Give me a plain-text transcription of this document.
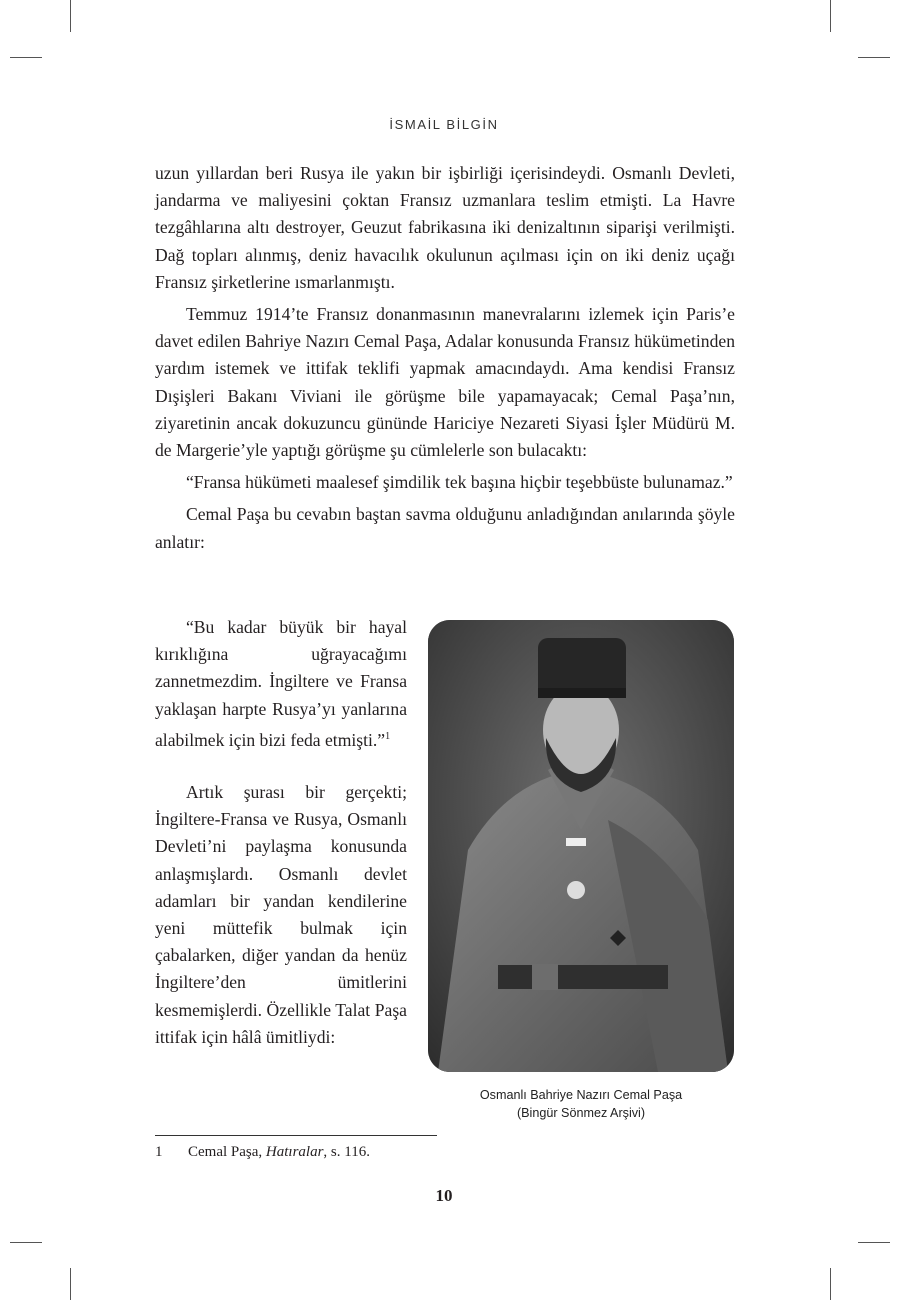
İSMAİL BİLGİN

uzun yıllardan beri Rusya ile yakın bir işbirliği içerisindeydi. Osmanlı Devleti, jandarma ve maliyesini çoktan Fransız uzmanlara teslim etmişti. La Havre tezgâhlarına altı destroyer, Geuzut fabrikasına iki denizaltının siparişi verilmişti. Dağ topları alınmış, deniz havacılık okulunun açılması için on iki deniz uçağı Fransız şirketlerine ısmarlanmıştı.

Temmuz 1914’te Fransız donanmasının manevralarını izlemek için Paris’e davet edilen Bahriye Nazırı Cemal Paşa, Adalar konusunda Fransız hükümetinden yardım istemek ve ittifak teklifi yapmak amacındaydı. Ama kendisi Fransız Dışişleri Bakanı Viviani ile görüşme bile yapamayacak; Cemal Paşa’nın, ziyaretinin ancak dokuzuncu gününde Hariciye Nezareti Siyasi İşler Müdürü M. de Margerie’yle yaptığı görüşme şu cümlelerle son bulacaktı:

“Fransa hükümeti maalesef şimdilik tek başına hiçbir teşebbüste bulunamaz.”

Cemal Paşa bu cevabın baştan savma olduğunu anladığından anılarında şöyle anlatır:

“Bu kadar büyük bir hayal kırıklığına uğrayacağımı zannetmezdim. İngiltere ve Fransa yaklaşan harpte Rusya’yı yanlarına alabilmek için bizi feda etmişti.”$^1$

Artık şurası bir gerçekti; İngiltere-Fransa ve Rusya, Osmanlı Devleti’ni paylaşma konusunda anlaşmışlardı. Osmanlı devlet adamları bir yandan kendilerine yeni müttefik bulmak için çabalarken, diğer yandan da henüz İngiltere’den ümitlerini kesmemişlerdi. Özellikle Talat Paşa ittifak için hâlâ ümitliydi:

Osmanlı Bahriye Nazırı Cemal Paşa
(Bingür Sönmez Arşivi)
1 Cemal Paşa, Hatıralar, s. 116.
10
